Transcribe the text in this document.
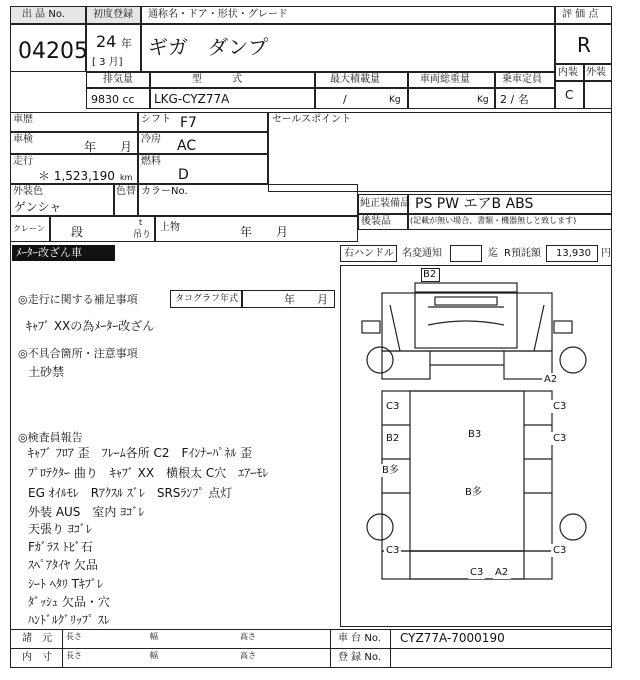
出 品 No.
04205
初度登録
24 年
[ 3 月]
通称名・ドア・形状・グレード
ギガ　ダンプ
評 価 点
R
内装 外装
C
排気量
9830 cc
型　　　式
LKG-CYZ77A
最大積載量
/	Kg
車両総重量
Kg
乗車定員
2 / 名
車歴
車検
年　　月
走行
＊ 1,523,190 km
シフト F7
冷房 AC
燃料
D
セールスポイント
外装色
ゲンシャ
色替 カラーNo.
純正装備品 PS PW エアB ABS
後装品 (記載が無い場合、書類・機器無しと致します)
クレーン 段
t
吊り
上物	年　　月
ﾒｰﾀｰ改ざん車	右ハンドル 名変通知	迄 R預託額 13,930 円
◎走行に関する補足事項	タコグラフ年式	年　　月
ｷｬﾌﾞ XXの為ﾒｰﾀｰ改ざん
◎不具合箇所・注意事項
土砂禁
◎検査員報告
ｷｬﾌﾞ ﾌﾛｱ 歪　ﾌﾚｰﾑ各所 C2　Fｲﾝﾅｰﾊﾟﾈﾙ 歪
ﾌﾟﾛﾃｸﾀｰ 曲り　ｷｬﾌﾞ XX　横根太 C穴　ｴｱｰﾓﾚ
EG ｵｲﾙﾓﾚ　Rｱｸｽﾙ ｽﾞﾚ　SRSﾗﾝﾌﾟ 点灯
外装 AUS　室内 ﾖｺﾞﾚ
天張り ﾖｺﾞﾚ
Fｶﾞﾗｽ ﾄﾋﾞ石
ｽﾍﾟｱﾀｲﾔ 欠品
ｼｰﾄ ﾍﾀﾘ Tｷﾌﾞﾚ
ﾀﾞｯｼｭ 欠品・穴
ﾊﾝﾄﾞﾙｸﾞﾘｯﾌﾟ ｽﾚ
B2
A2
C3	C3
B3
B2	C3
B多
B多
C3	C3
C3 A2
諸　元
内　寸
長さ	幅	高さ
長さ	幅	高さ
車 台 No. CYZ77A-7000190
登 録 No.
